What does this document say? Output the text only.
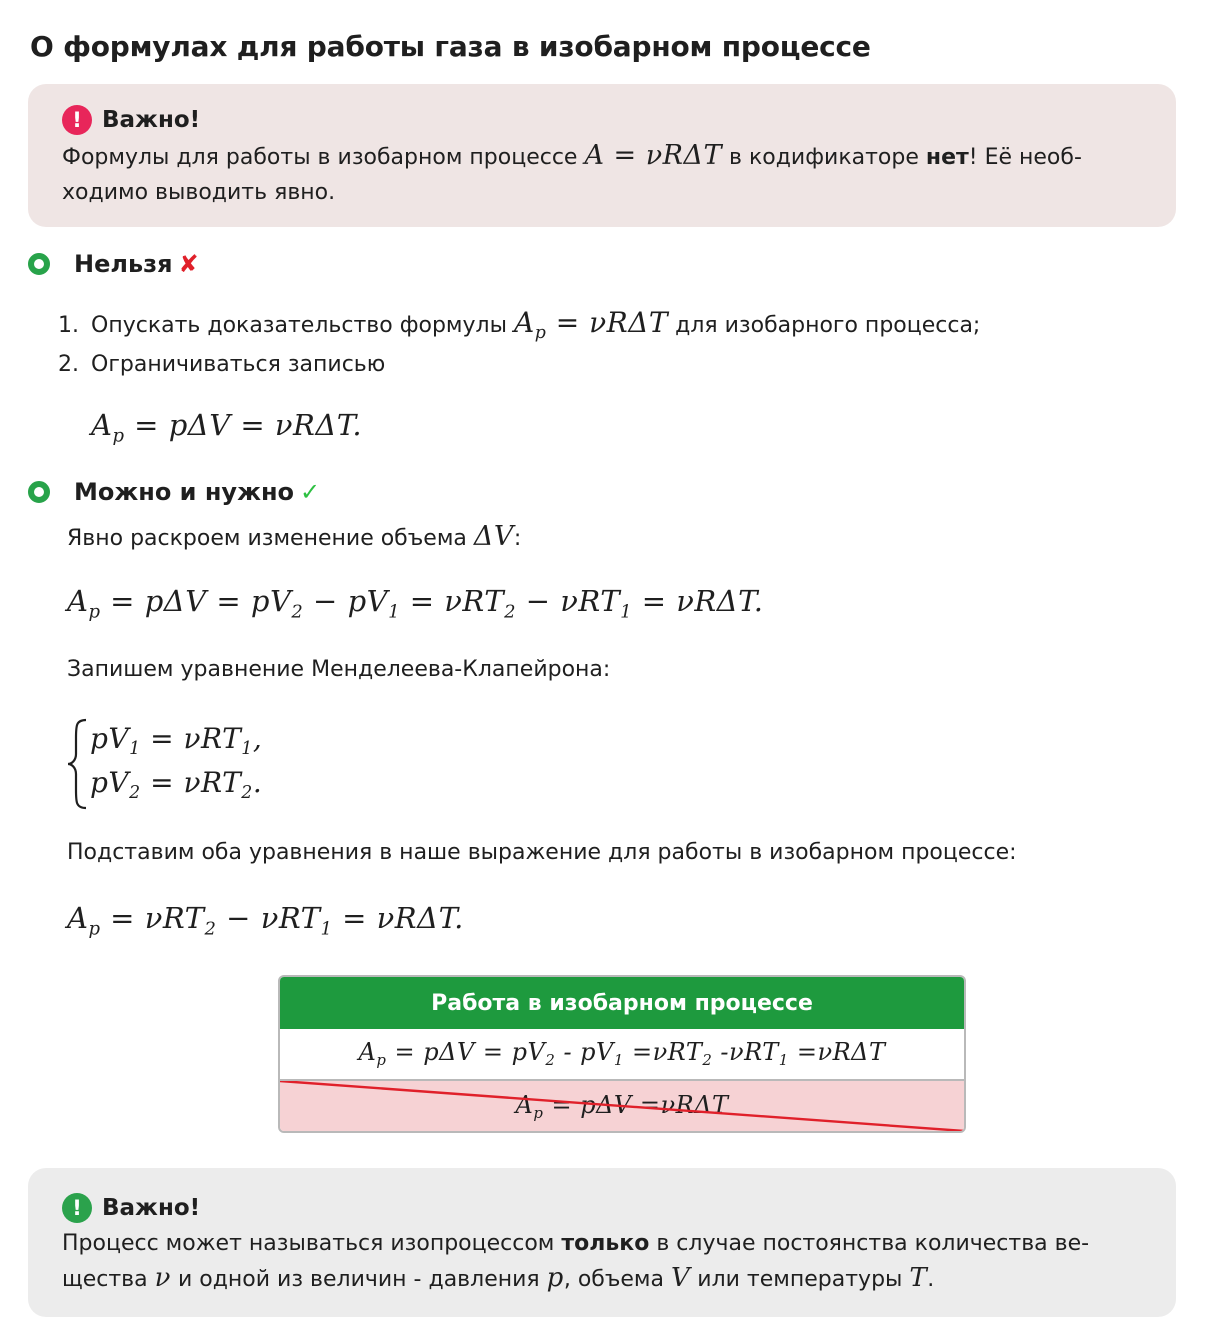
О формулах для работы газа в изобарном процессе
! Важно!
Формулы для работы в изобарном процессе A = νRΔT в кодификаторе нет! Её необ-
ходимо выводить явно.
Нельзя ✘
1. Опускать доказательство формулы $A_p = \nu R\Delta T$ для изобарного процесса;
2. Ограничиваться записью
$A_p = p\Delta V = \nu R\Delta T$.
Можно и нужно ✓
Явно раскроем изменение объема ΔV:
$A_p = p\Delta V = pV_2 - pV_1 = \nu RT_2 - \nu RT_1 = \nu R\Delta T$.
Запишем уравнение Менделеева-Клапейрона:
$pV_1 = \nu RT_1$,
$pV_2 = \nu RT_2$.
Подставим оба уравнения в наше выражение для работы в изобарном процессе:
$A_p = \nu RT_2 - \nu RT_1 = \nu R\Delta T$.
Работа в изобарном процессе
$A_p = p\Delta V = pV_2 - pV_1 =\nu RT_2$ -νRT$_1$ =νRΔT
$A_p = p\Delta V =\nu R\Delta T$
! Важно!
Процесс может называться изопроцессом только в случае постоянства количества ве-
щества ν и одной из величин - давления p, объема V или температуры T.
